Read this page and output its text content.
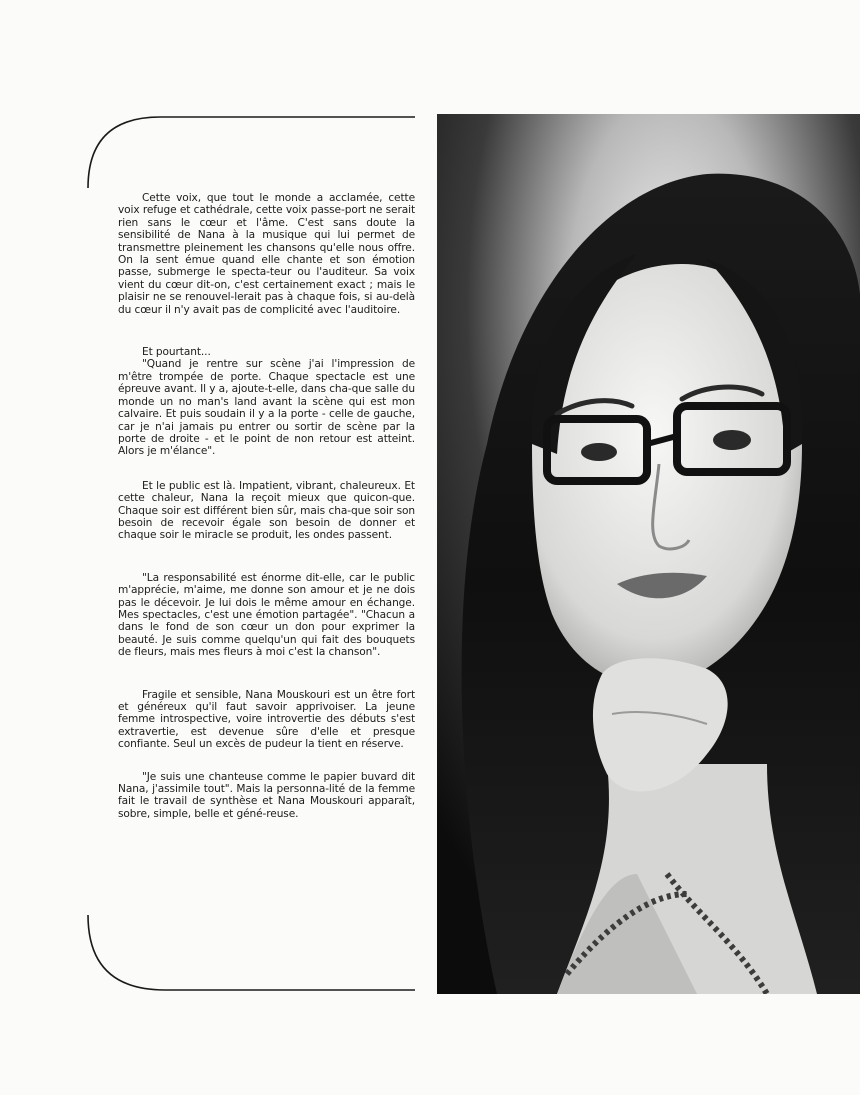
Cette voix, que tout le monde a acclamée, cette voix refuge et cathédrale, cette voix passe-port ne serait rien sans le cœur et l'âme. C'est sans doute la sensibilité de Nana à la musique qui lui permet de transmettre pleinement les chansons qu'elle nous offre. On la sent émue quand elle chante et son émotion passe, submerge le specta-teur ou l'auditeur. Sa voix vient du cœur dit-on, c'est certainement exact ; mais le plaisir ne se renouvel-lerait pas à chaque fois, si au-delà du cœur il n'y avait pas de complicité avec l'auditoire.

Et pourtant...

"Quand je rentre sur scène j'ai l'impression de m'être trompée de porte. Chaque spectacle est une épreuve avant. Il y a, ajoute-t-elle, dans cha-que salle du monde un no man's land avant la scène qui est mon calvaire. Et puis soudain il y a la porte - celle de gauche, car je n'ai jamais pu entrer ou sortir de scène par la porte de droite - et le point de non retour est atteint. Alors je m'élance".

Et le public est là. Impatient, vibrant, chaleureux. Et cette chaleur, Nana la reçoit mieux que quicon-que. Chaque soir est différent bien sûr, mais cha-que soir son besoin de recevoir égale son besoin de donner et chaque soir le miracle se produit, les ondes passent.

"La responsabilité est énorme dit-elle, car le public m'apprécie, m'aime, me donne son amour et je ne dois pas le décevoir. Je lui dois le même amour en échange. Mes spectacles, c'est une émotion partagée". "Chacun a dans le fond de son cœur un don pour exprimer la beauté. Je suis comme quelqu'un qui fait des bouquets de fleurs, mais mes fleurs à moi c'est la chanson".

Fragile et sensible, Nana Mouskouri est un être fort et généreux qu'il faut savoir apprivoiser. La jeune femme introspective, voire introvertie des débuts s'est extravertie, est devenue sûre d'elle et presque confiante. Seul un excès de pudeur la tient en réserve.

"Je suis une chanteuse comme le papier buvard dit Nana, j'assimile tout". Mais la personna-lité de la femme fait le travail de synthèse et Nana Mouskouri apparaît, sobre, simple, belle et géné-reuse.
